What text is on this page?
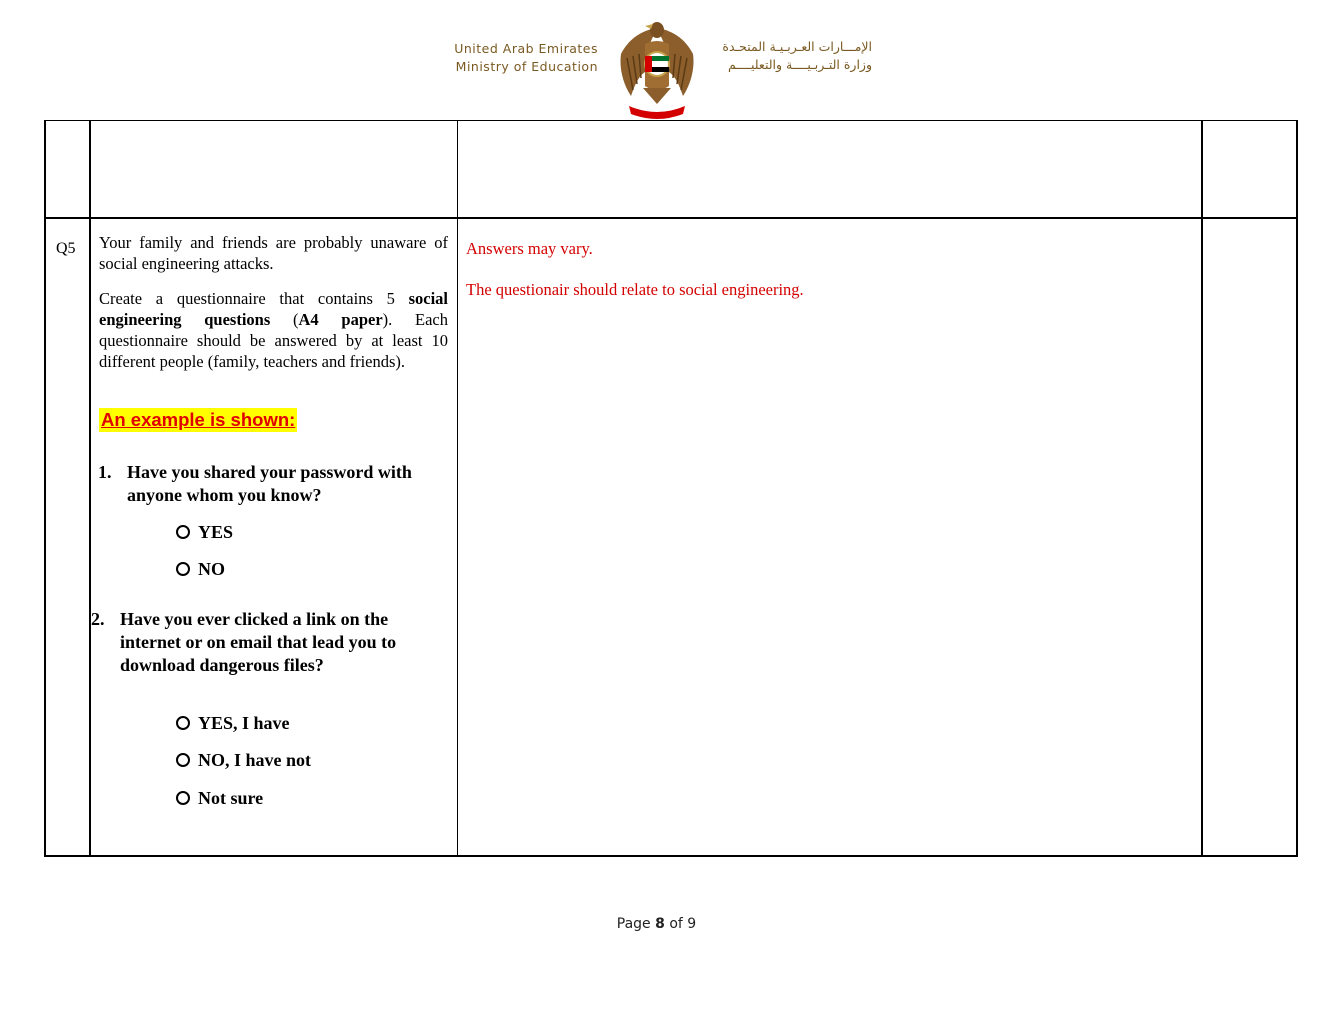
United Arab Emirates
Ministry of Education
الإمـــارات العـربـيـة المتحـدة
وزارة التـربـيــــة والتعليــــم
Q5 Your family and friends are probably unaware of social engineering attacks.
Create a questionnaire that contains 5 social engineering questions (A4 paper). Each questionnaire should be answered by at least 10 different people (family, teachers and friends).
An example is shown:
1. Have you shared your password with anyone whom you know?
YES
NO
2. Have you ever clicked a link on the internet or on email that lead you to download dangerous files?
YES, I have
NO, I have not
Not sure
Answers may vary.
The questionair should relate to social engineering.
Page 8 of 9
